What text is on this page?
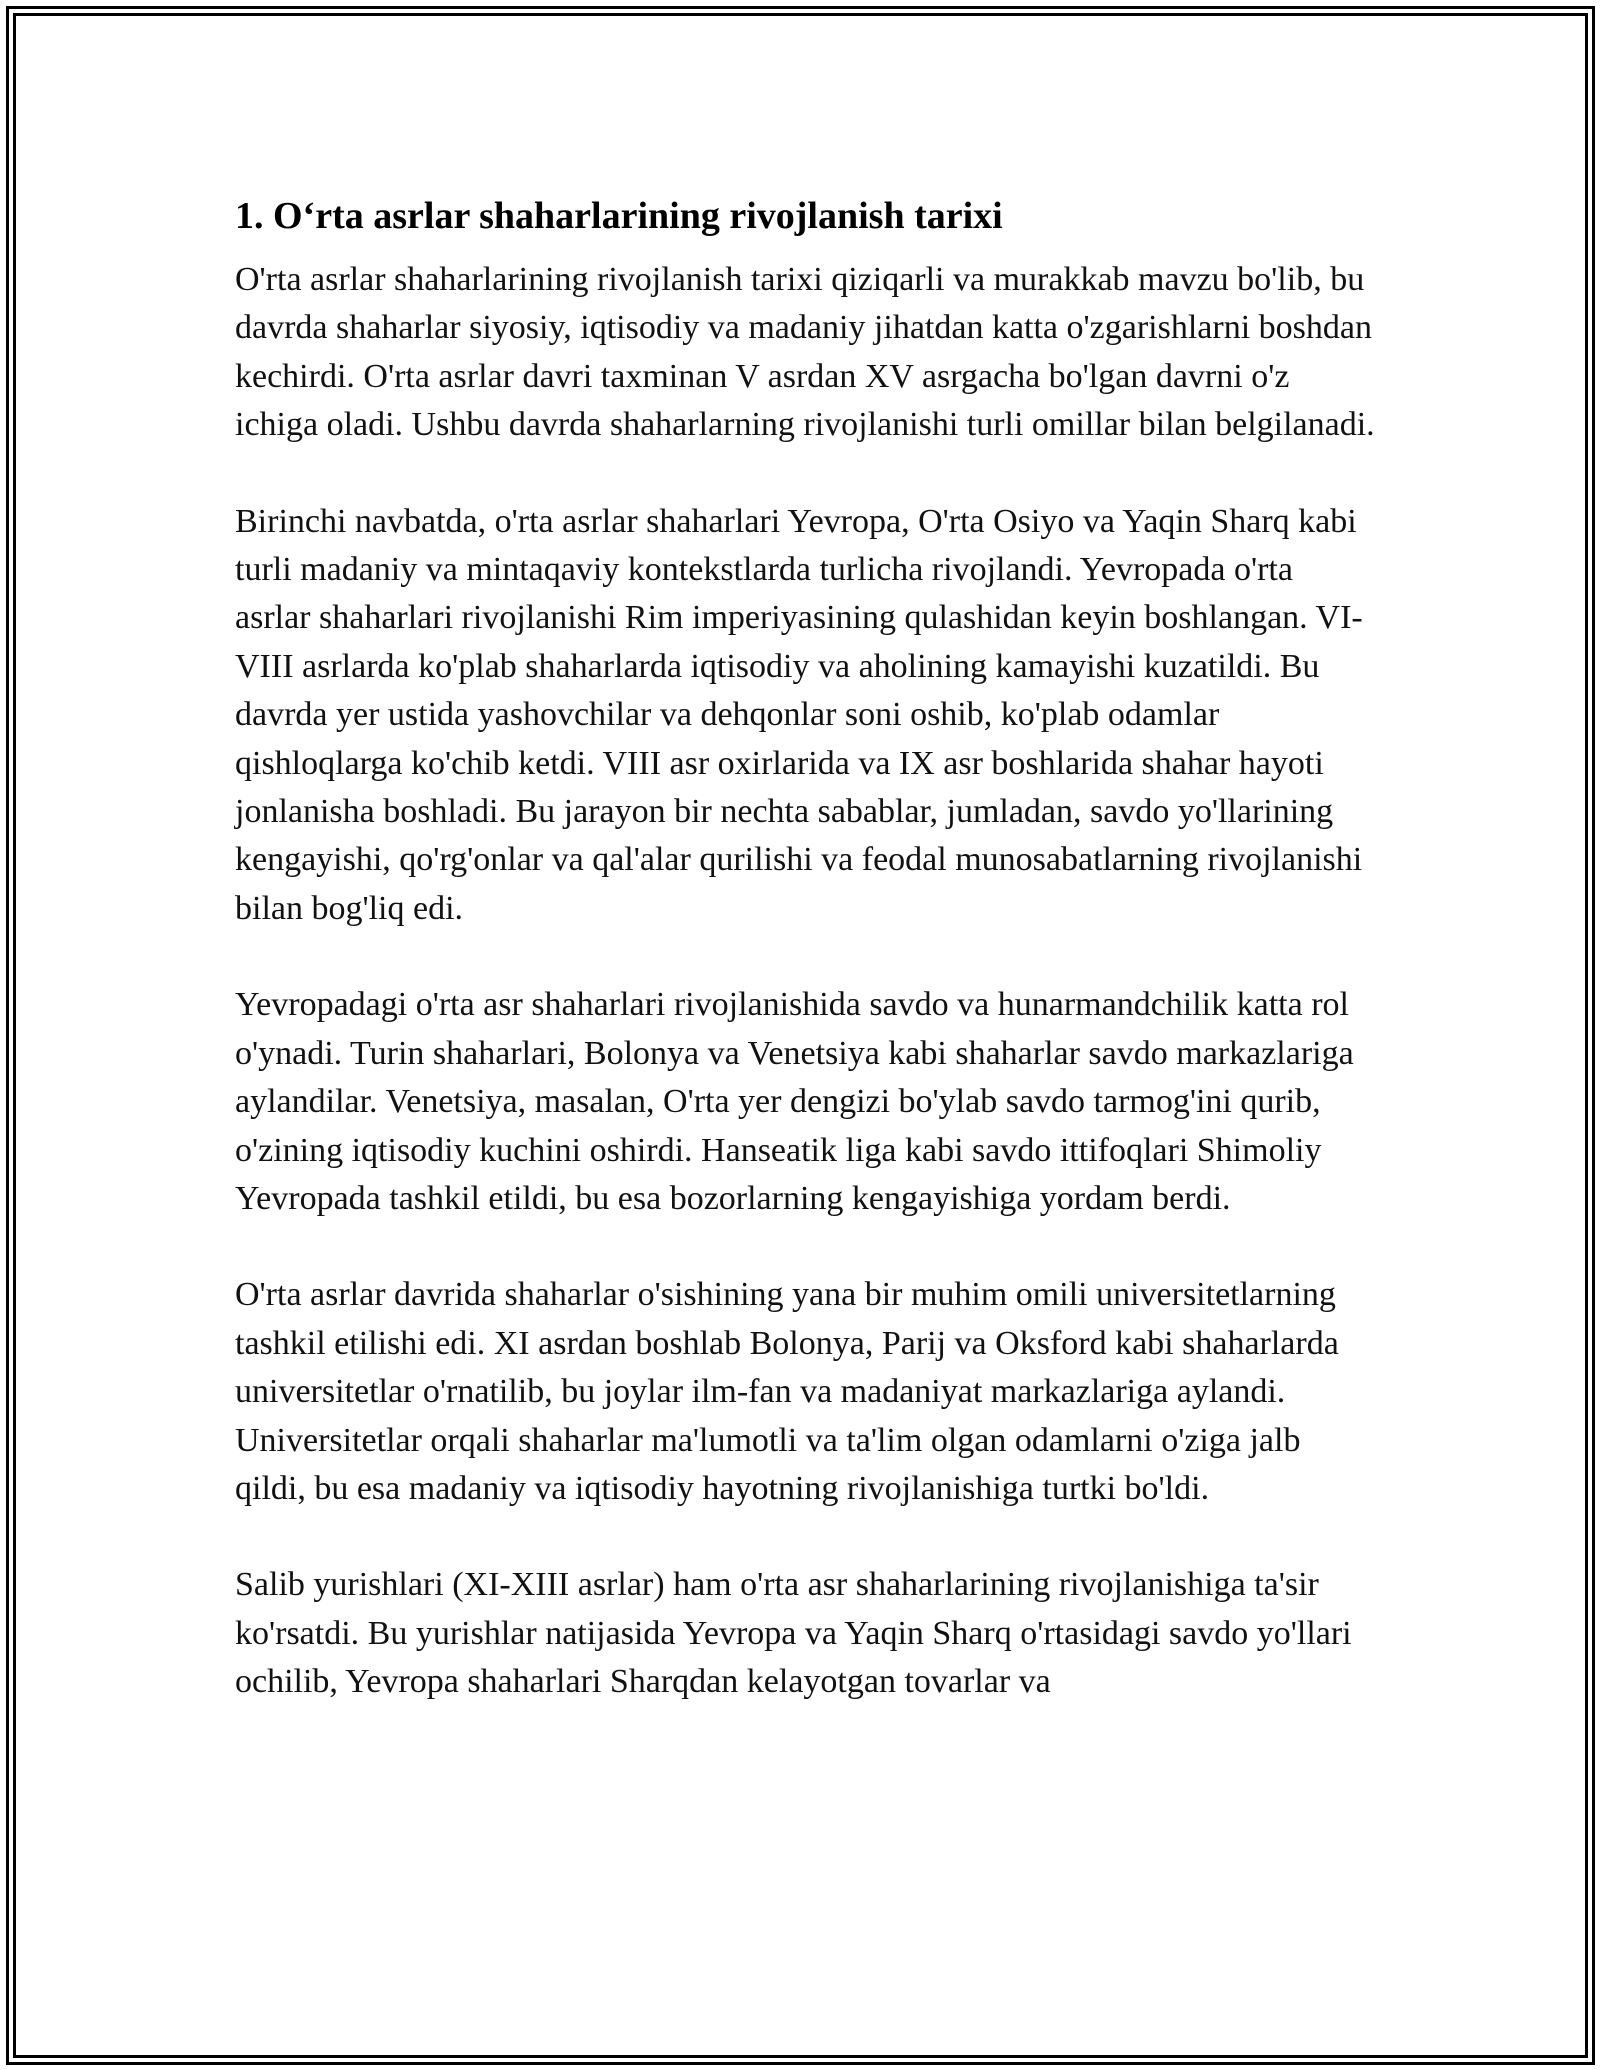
1. O‘rta asrlar shaharlarining rivojlanish tarixi

O'rta asrlar shaharlarining rivojlanish tarixi qiziqarli va murakkab mavzu bo'lib, bu davrda shaharlar siyosiy, iqtisodiy va madaniy jihatdan katta o'zgarishlarni boshdan kechirdi. O'rta asrlar davri taxminan V asrdan XV asrgacha bo'lgan davrni o'z ichiga oladi. Ushbu davrda shaharlarning rivojlanishi turli omillar bilan belgilanadi.

Birinchi navbatda, o'rta asrlar shaharlari Yevropa, O'rta Osiyo va Yaqin Sharq kabi turli madaniy va mintaqaviy kontekstlarda turlicha rivojlandi. Yevropada o'rta asrlar shaharlari rivojlanishi Rim imperiyasining qulashidan keyin boshlangan. VI-VIII asrlarda ko'plab shaharlarda iqtisodiy va aholining kamayishi kuzatildi. Bu davrda yer ustida yashovchilar va dehqonlar soni oshib, ko'plab odamlar qishloqlarga ko'chib ketdi. VIII asr oxirlarida va IX asr boshlarida shahar hayoti jonlanisha boshladi. Bu jarayon bir nechta sabablar, jumladan, savdo yo'llarining kengayishi, qo'rg'onlar va qal'alar qurilishi va feodal munosabatlarning rivojlanishi bilan bog'liq edi.

Yevropadagi o'rta asr shaharlari rivojlanishida savdo va hunarmandchilik katta rol o'ynadi. Turin shaharlari, Bolonya va Venetsiya kabi shaharlar savdo markazlariga aylandilar. Venetsiya, masalan, O'rta yer dengizi bo'ylab savdo tarmog'ini qurib, o'zining iqtisodiy kuchini oshirdi. Hanseatik liga kabi savdo ittifoqlari Shimoliy Yevropada tashkil etildi, bu esa bozorlarning kengayishiga yordam berdi.

O'rta asrlar davrida shaharlar o'sishining yana bir muhim omili universitetlarning tashkil etilishi edi. XI asrdan boshlab Bolonya, Parij va Oksford kabi shaharlarda universitetlar o'rnatilib, bu joylar ilm-fan va madaniyat markazlariga aylandi. Universitetlar orqali shaharlar ma'lumotli va ta'lim olgan odamlarni o'ziga jalb qildi, bu esa madaniy va iqtisodiy hayotning rivojlanishiga turtki bo'ldi.

Salib yurishlari (XI-XIII asrlar) ham o'rta asr shaharlarining rivojlanishiga ta'sir ko'rsatdi. Bu yurishlar natijasida Yevropa va Yaqin Sharq o'rtasidagi savdo yo'llari ochilib, Yevropa shaharlari Sharqdan kelayotgan tovarlar va
